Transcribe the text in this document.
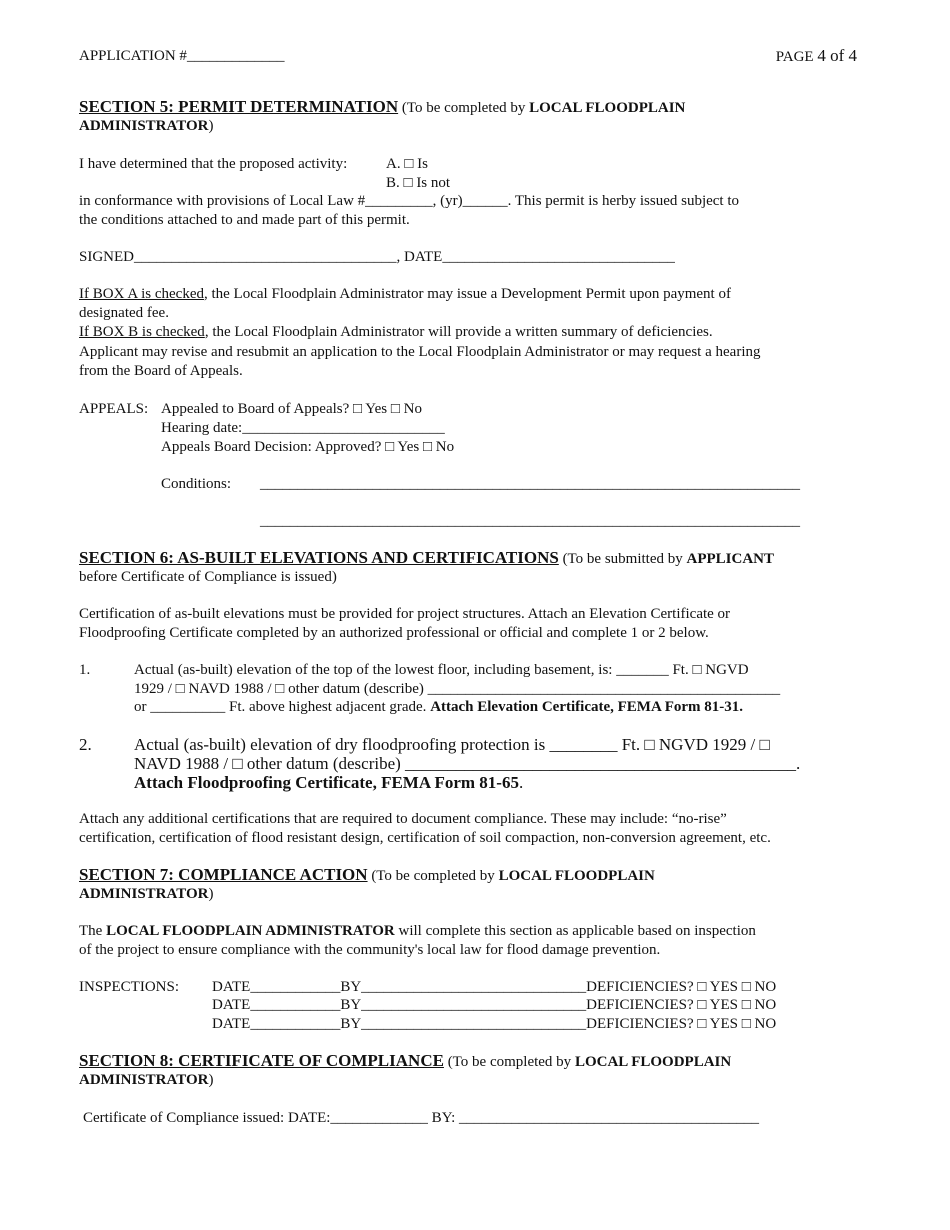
APPLICATION #_____________	PAGE 4 of 4
SECTION 5: PERMIT DETERMINATION (To be completed by LOCAL FLOODPLAIN
ADMINISTRATOR)
I have determined that the proposed activity:	A. □ Is
B. □ Is not
in conformance with provisions of Local Law #_________, (yr)______. This permit is herby issued subject to
the conditions attached to and made part of this permit.
SIGNED___________________________________, DATE_______________________________
If BOX A is checked, the Local Floodplain Administrator may issue a Development Permit upon payment of
designated fee.
If BOX B is checked, the Local Floodplain Administrator will provide a written summary of deficiencies.
Applicant may revise and resubmit an application to the Local Floodplain Administrator or may request a hearing
from the Board of Appeals.
APPEALS: Appealed to Board of Appeals? □ Yes □ No
Hearing date:___________________________
Appeals Board Decision: Approved? □ Yes □ No
Conditions: ________________________________________________________________________
________________________________________________________________________
SECTION 6: AS-BUILT ELEVATIONS AND CERTIFICATIONS (To be submitted by APPLICANT
before Certificate of Compliance is issued)
Certification of as-built elevations must be provided for project structures. Attach an Elevation Certificate or
Floodproofing Certificate completed by an authorized professional or official and complete 1 or 2 below.
1.	Actual (as-built) elevation of the top of the lowest floor, including basement, is: _______ Ft. □ NGVD
1929 / □ NAVD 1988 / □ other datum (describe) _______________________________________________
or __________ Ft. above highest adjacent grade. Attach Elevation Certificate, FEMA Form 81-31.
2. Actual (as-built) elevation of dry floodproofing protection is ________ Ft. □ NGVD 1929 / □
NAVD 1988 / □ other datum (describe) ______________________________________________.
Attach Floodproofing Certificate, FEMA Form 81-65.
Attach any additional certifications that are required to document compliance. These may include: “no-rise”
certification, certification of flood resistant design, certification of soil compaction, non-conversion agreement, etc.
SECTION 7: COMPLIANCE ACTION (To be completed by LOCAL FLOODPLAIN
ADMINISTRATOR)
The LOCAL FLOODPLAIN ADMINISTRATOR will complete this section as applicable based on inspection
of the project to ensure compliance with the community's local law for flood damage prevention.
INSPECTIONS: DATE____________BY______________________________DEFICIENCIES? □ YES □ NO
DATE____________BY______________________________DEFICIENCIES? □ YES □ NO
DATE____________BY______________________________DEFICIENCIES? □ YES □ NO
SECTION 8: CERTIFICATE OF COMPLIANCE (To be completed by LOCAL FLOODPLAIN
ADMINISTRATOR)
Certificate of Compliance issued: DATE:_____________ BY: ________________________________________
